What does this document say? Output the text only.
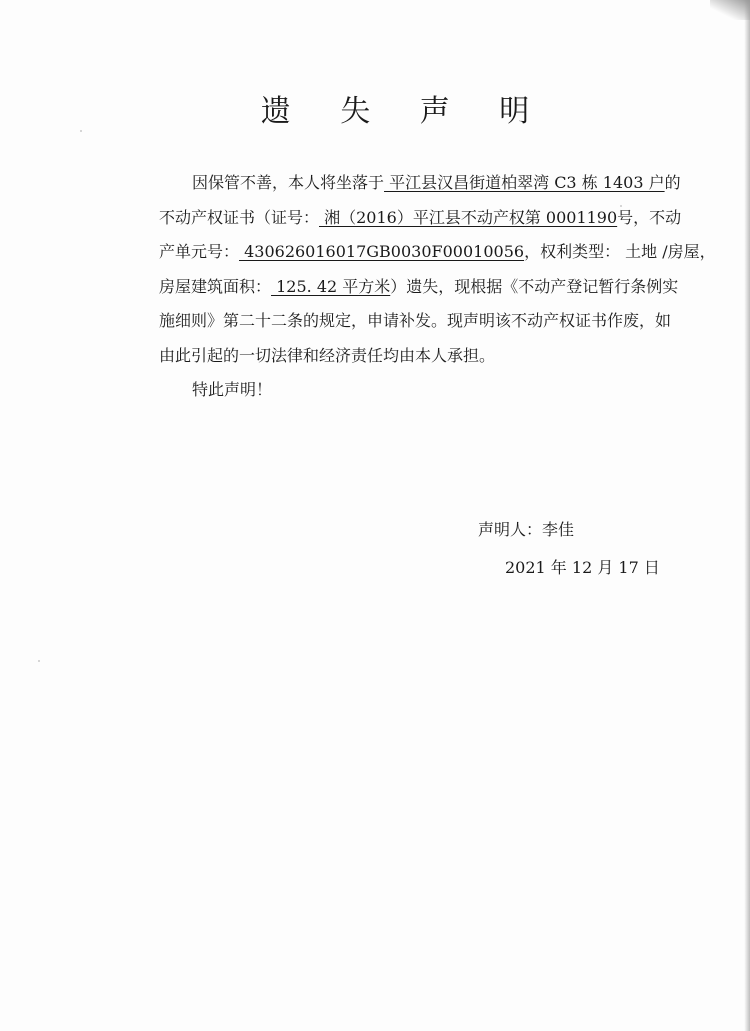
遗 失 声 明
因保管不善，本人将坐落于 平江县汉昌街道柏翠湾 C3 栋 1403 户的
不动产权证书（证号： 湘（2016）平江县不动产权第 0001190号，不动
产单元号： 430626016017GB0030F00010056，权利类型： 土地 /房屋，
房屋建筑面积： 125. 42 平方米）遗失，现根据《不动产登记暂行条例实
施细则》第二十二条的规定，申请补发。现声明该不动产权证书作废，如
由此引起的一切法律和经济责任均由本人承担。
特此声明！
声明人：李佳
2021 年 12 月 17 日
